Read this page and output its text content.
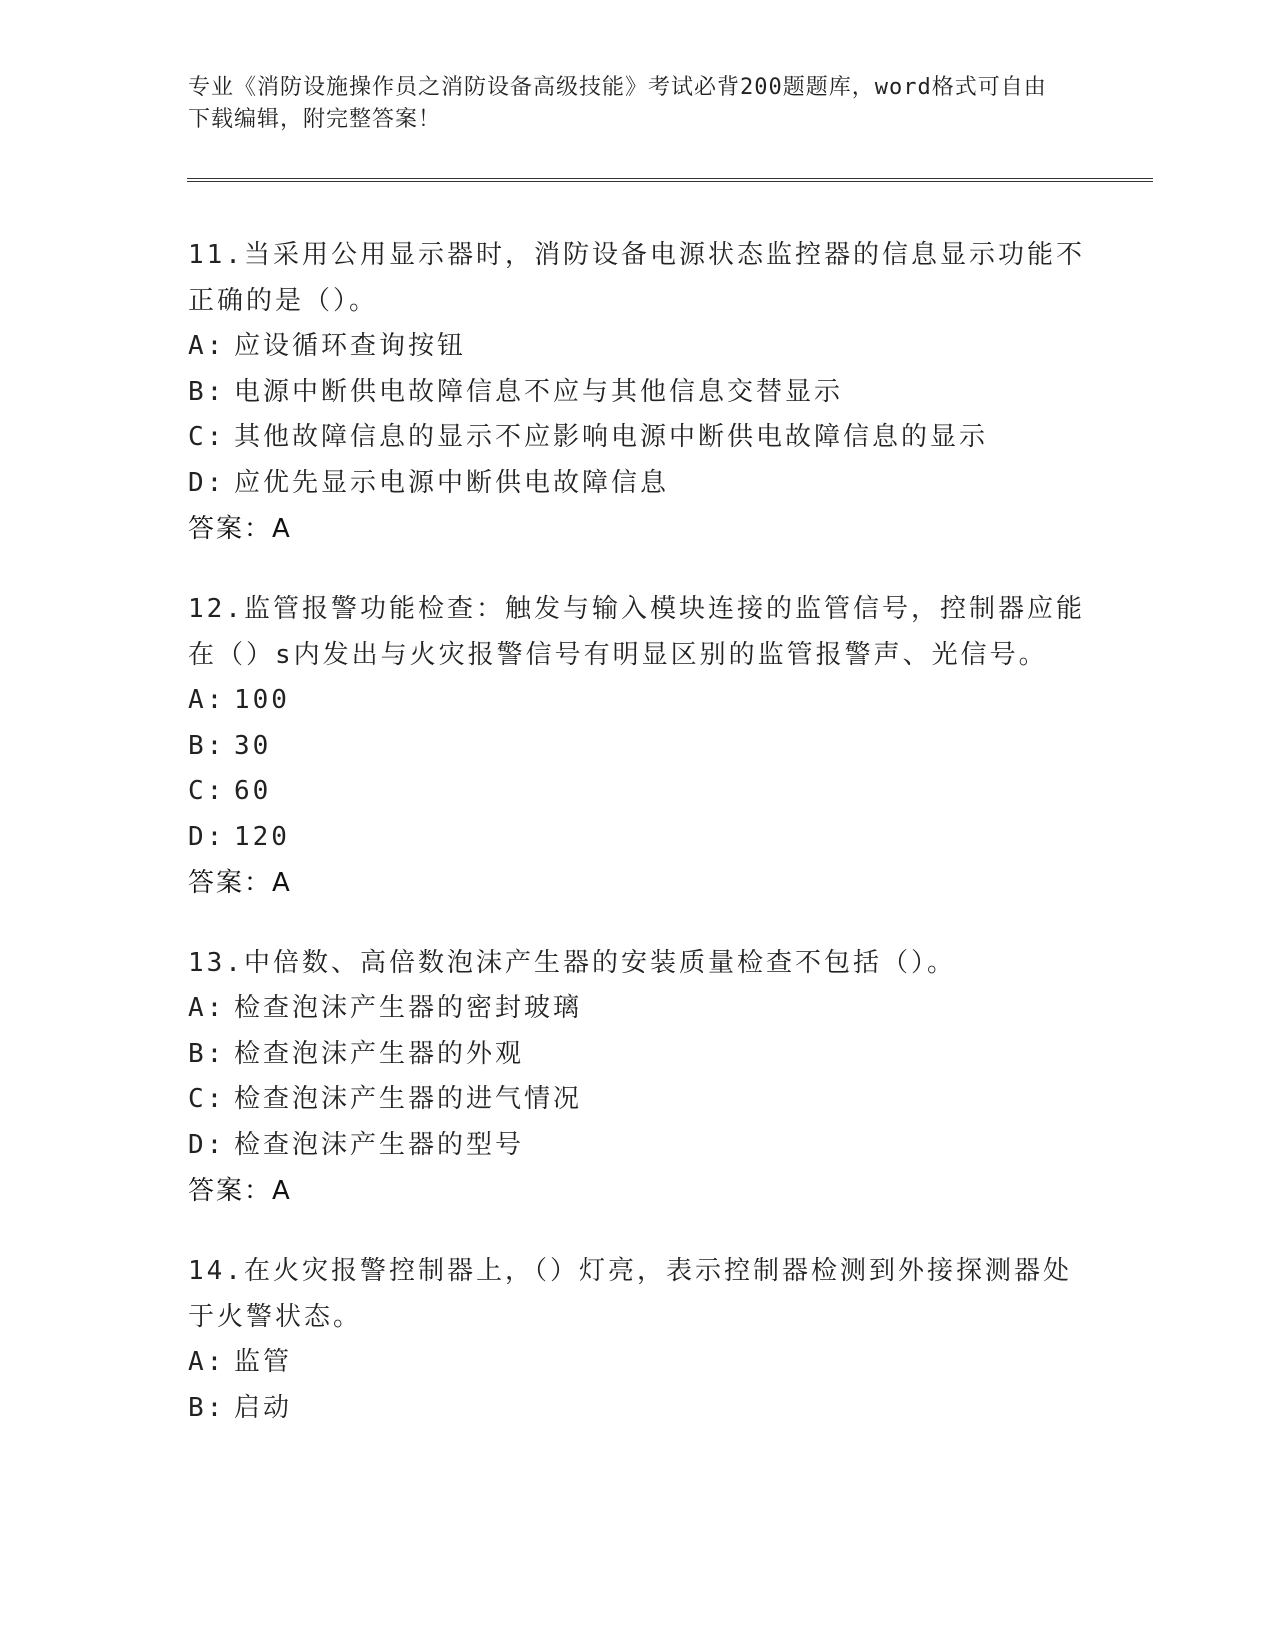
专业《消防设施操作员之消防设备高级技能》考试必背200题题库，word格式可自由下载编辑，附完整答案！

11.当采用公用显示器时，消防设备电源状态监控器的信息显示功能不正确的是（）。

A: 应设循环查询按钮

B: 电源中断供电故障信息不应与其他信息交替显示

C: 其他故障信息的显示不应影响电源中断供电故障信息的显示

D: 应优先显示电源中断供电故障信息

答案：A

12.监管报警功能检查：触发与输入模块连接的监管信号，控制器应能在（）s内发出与火灾报警信号有明显区别的监管报警声、光信号。

A: 100

B: 30

C: 60

D: 120

答案：A

13.中倍数、高倍数泡沫产生器的安装质量检查不包括（）。

A: 检查泡沫产生器的密封玻璃

B: 检查泡沫产生器的外观

C: 检查泡沫产生器的进气情况

D: 检查泡沫产生器的型号

答案：A

14.在火灾报警控制器上，（）灯亮，表示控制器检测到外接探测器处于火警状态。

A: 监管

B: 启动
